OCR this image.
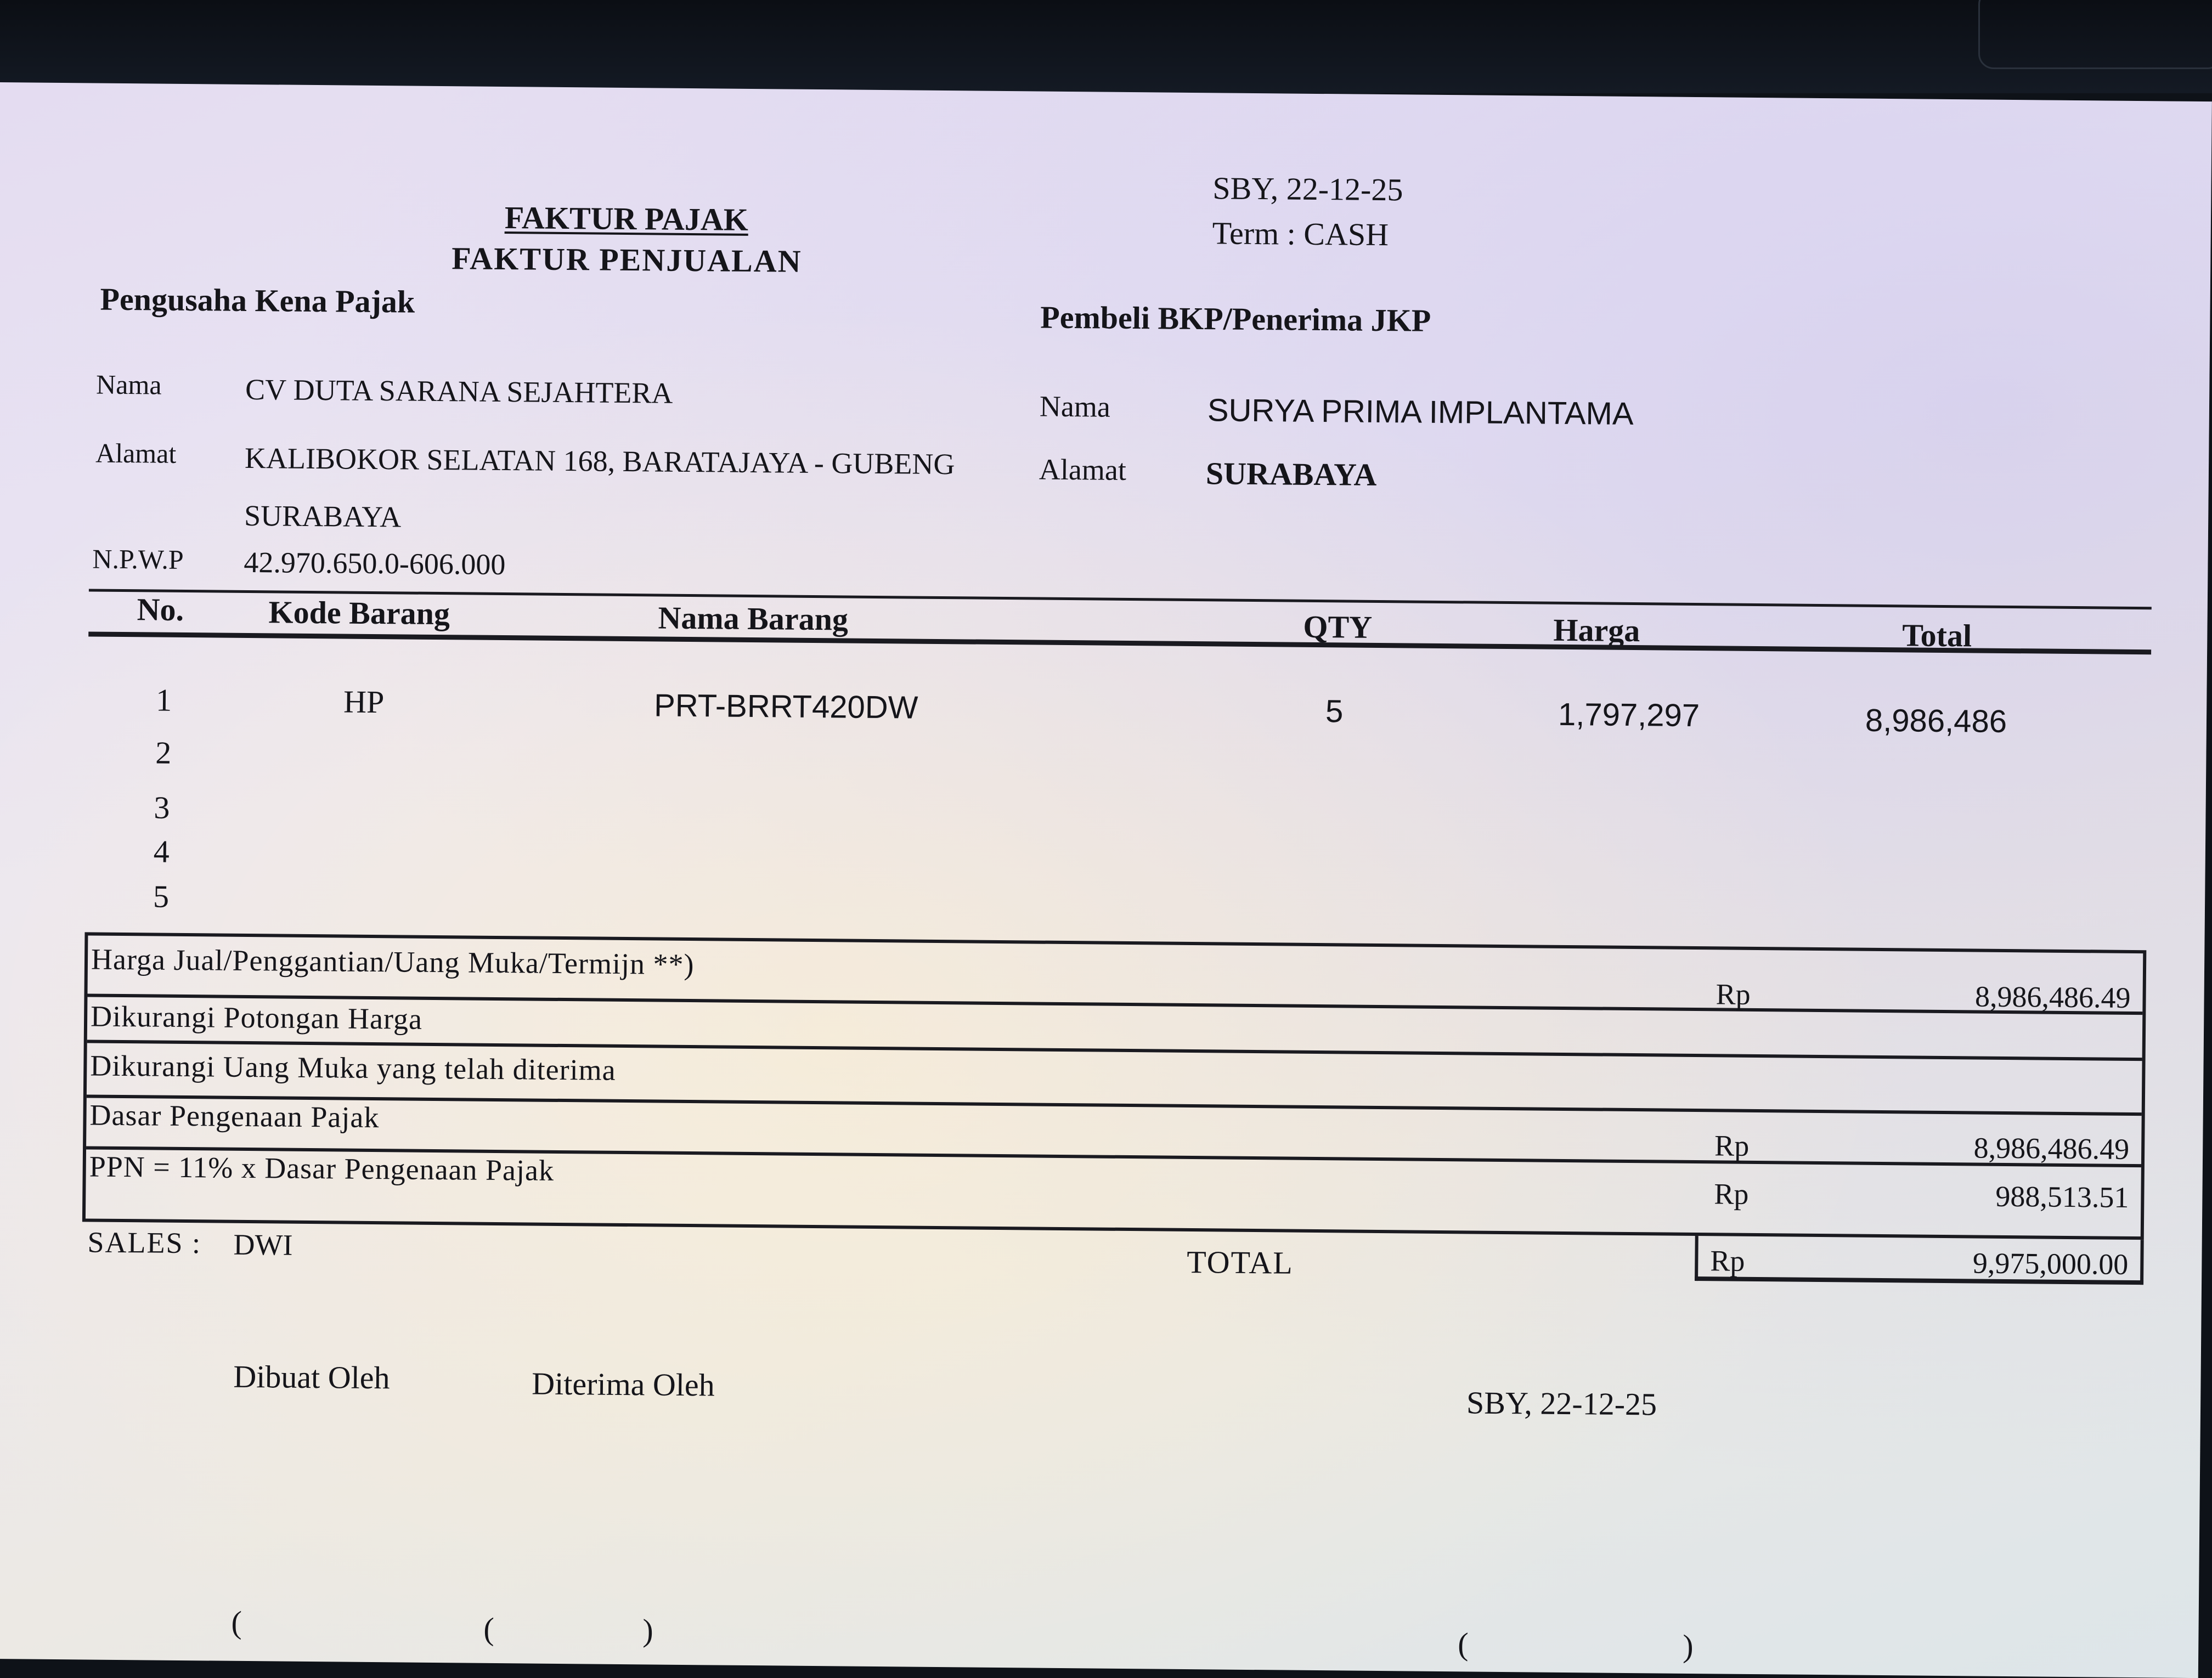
FAKTUR PAJAK
FAKTUR PENJUALAN
SBY, 22-12-25
Term : CASH
Pengusaha Kena Pajak
Nama	CV DUTA SARANA SEJAHTERA
Alamat KALIBOKOR SELATAN 168, BARATAJAYA - GUBENG
SURABAYA
N.P.W.P 42.970.650.0-606.000
Pembeli BKP/Penerima JKP
Nama	SURYA PRIMA IMPLANTAMA
Alamat SURABAYA
No.	Kode Barang	Nama Barang	QTY	Harga	Total
1	HP	PRT-BRRT420DW	5	1,797,297	8,986,486
2
3
4
5
Harga Jual/Penggantian/Uang Muka/Termijn **)
Rp	8,986,486.49
Dikurangi Potongan Harga
Dikurangi Uang Muka yang telah diterima
Dasar Pengenaan Pajak
Rp	8,986,486.49
PPN = 11% x Dasar Pengenaan Pajak
Rp	988,513.51
SALES : DWI	TOTAL	Rp	9,975,000.00
Dibuat Oleh	Diterima Oleh
SBY, 22-12-25
(	(	)	(	)
